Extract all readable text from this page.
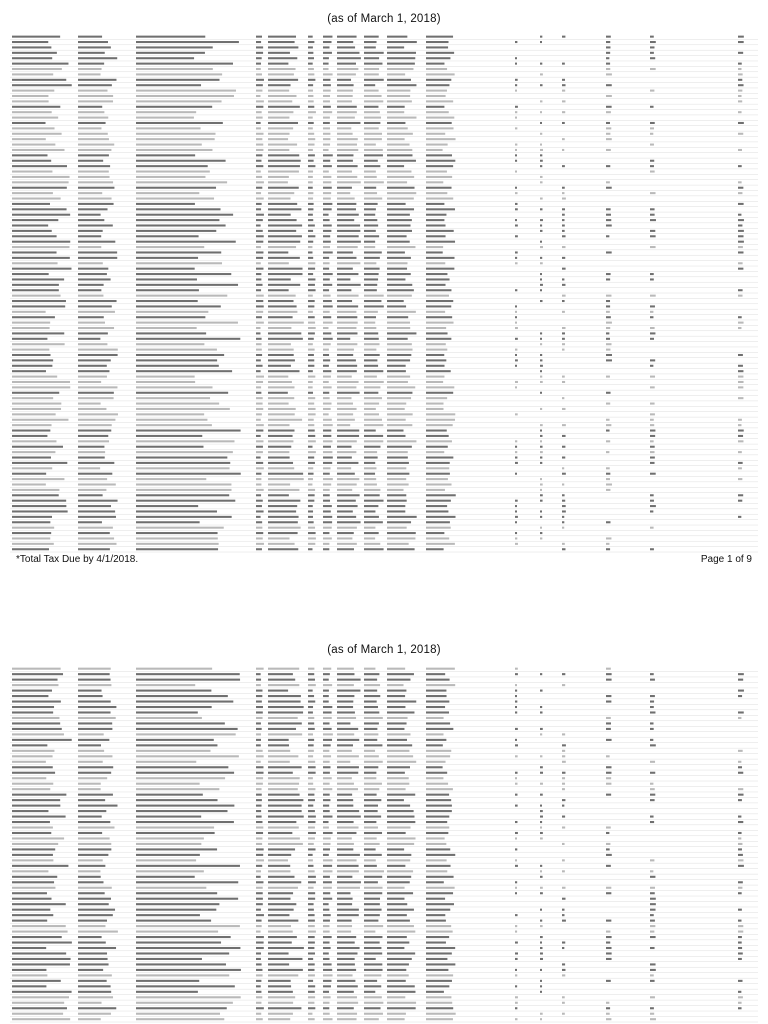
(as of March 1, 2018)
*Total Tax Due by 4/1/2018.	Page 1 of 9
(as of March 1, 2018)
